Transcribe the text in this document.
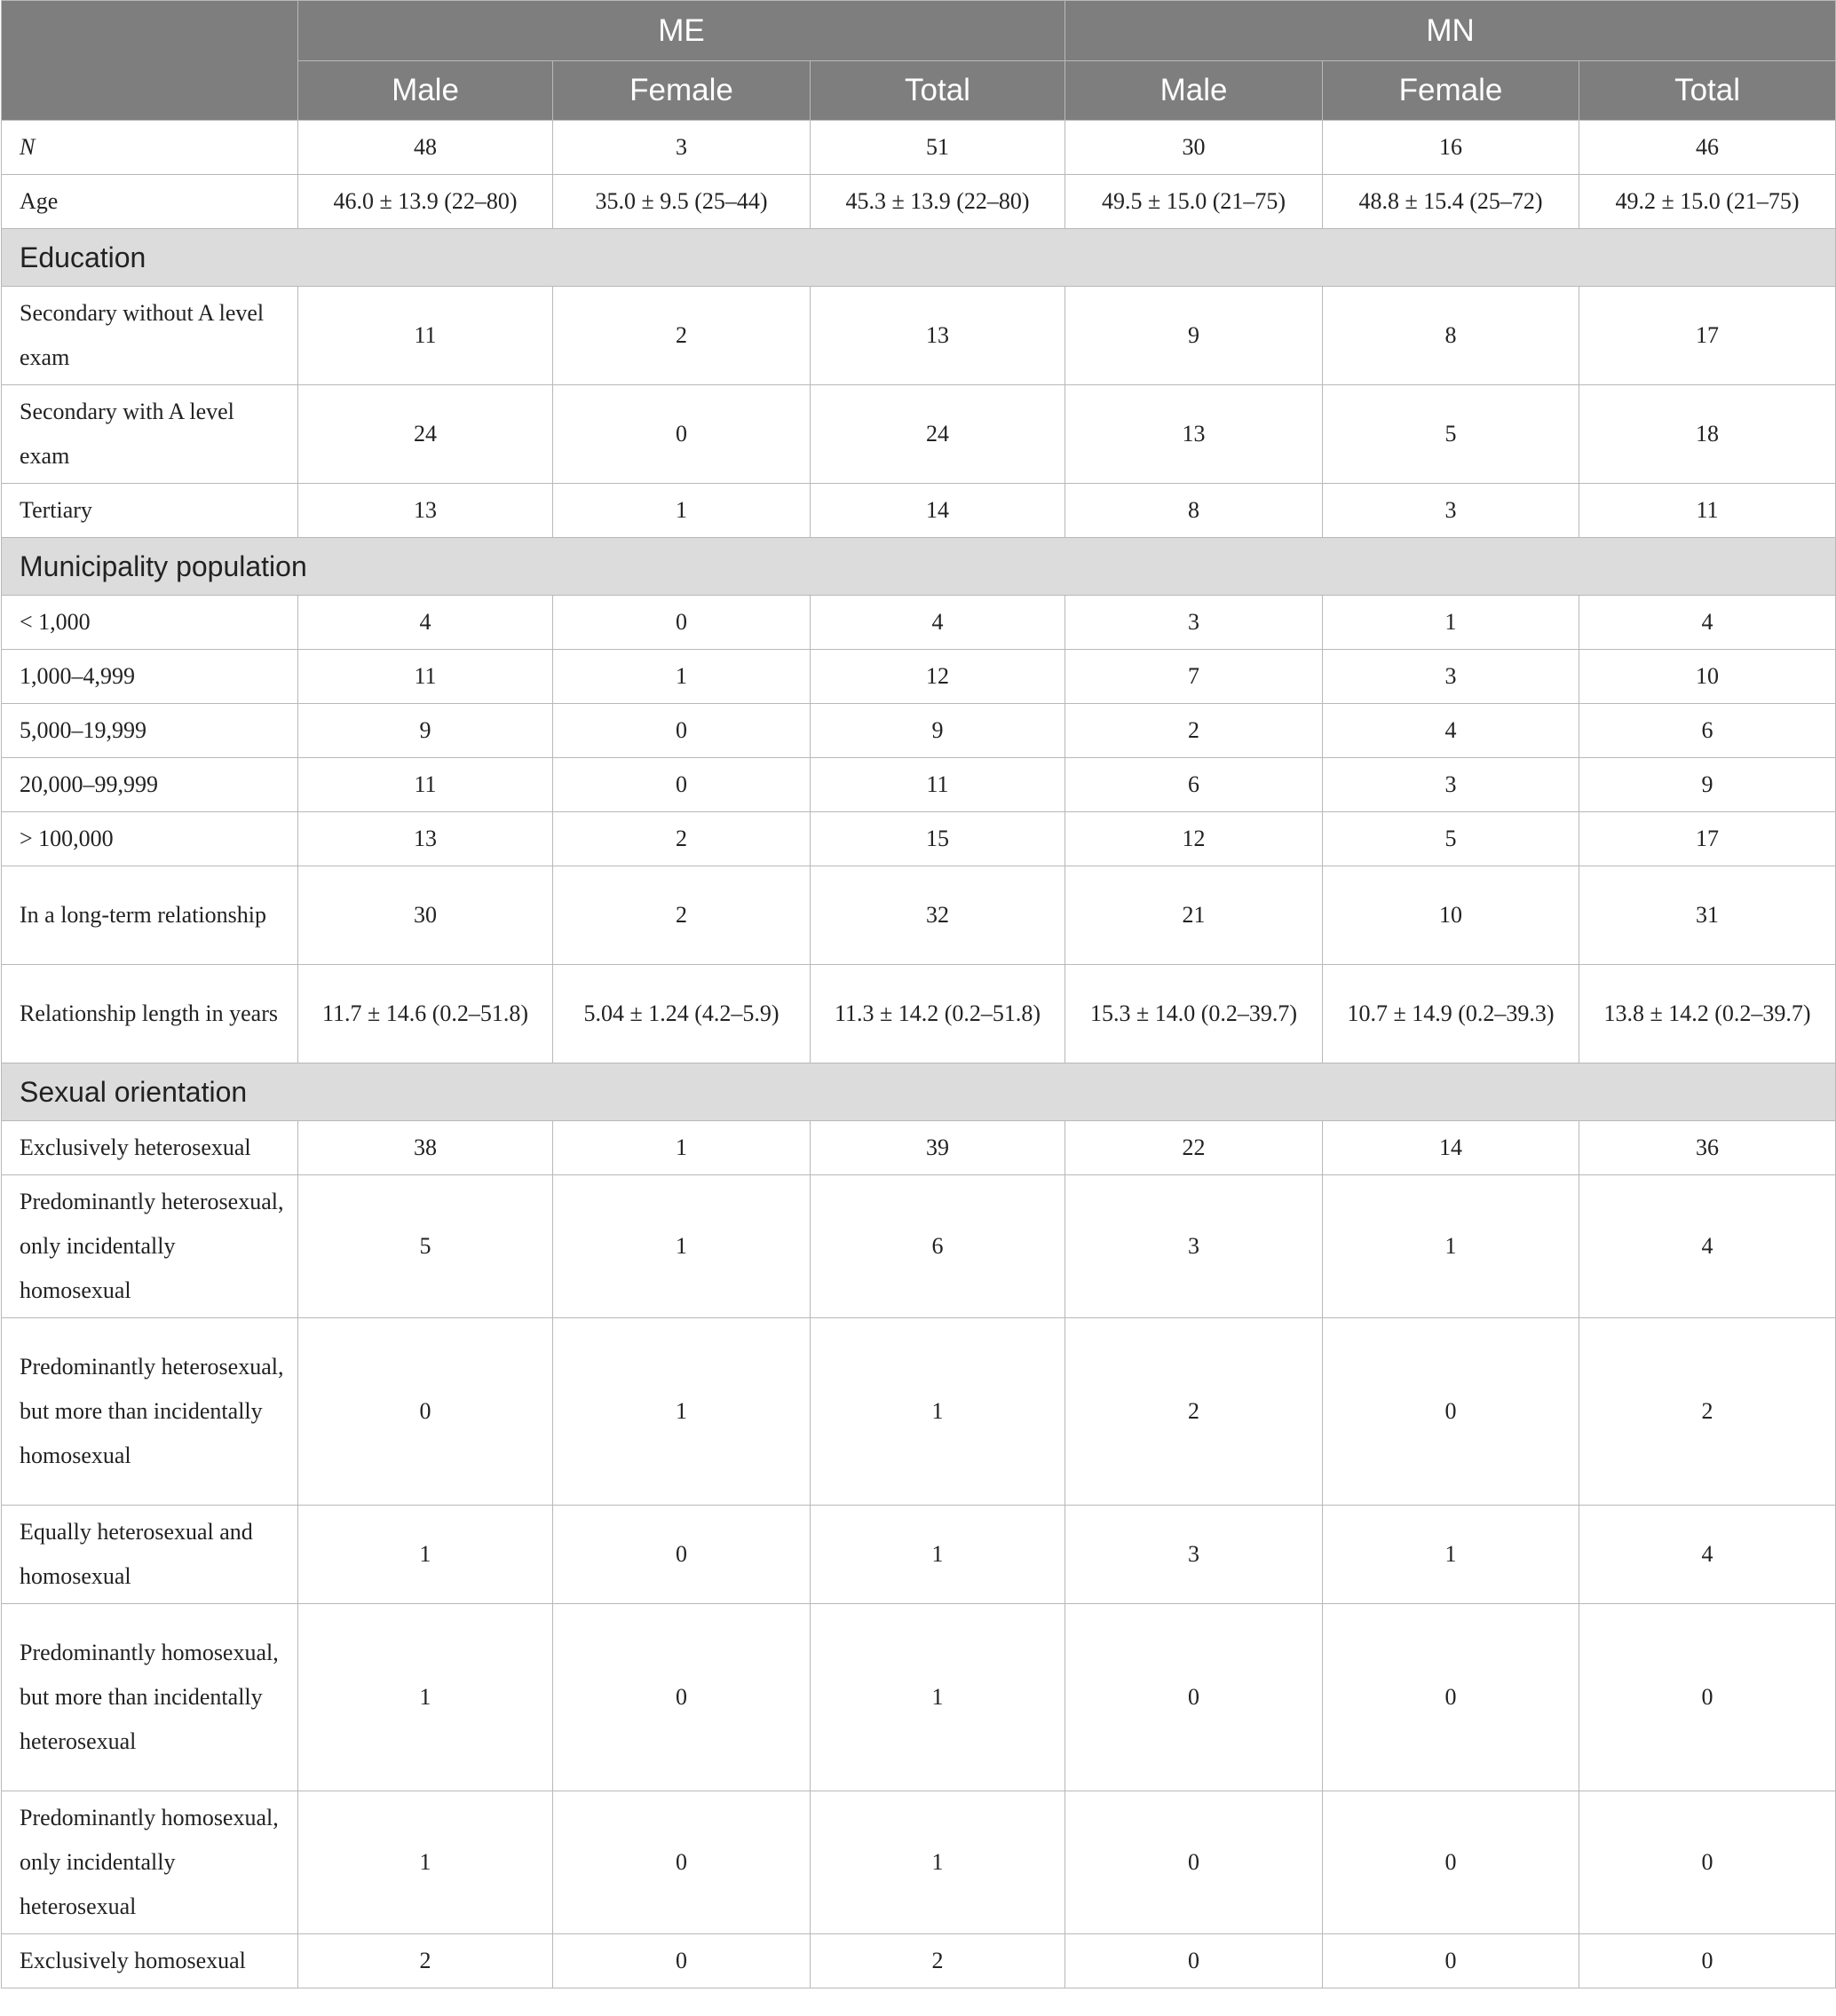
	ME			MN		
	Male	Female	Total	Male	Female	Total
N	48	3	51	30	16	46
Age	46.0 ± 13.9 (22–80)	35.0 ± 9.5 (25–44)	45.3 ± 13.9 (22–80)	49.5 ± 15.0 (21–75)	48.8 ± 15.4 (25–72)	49.2 ± 15.0 (21–75)
Education						
Secondary without A level exam	11	2	13	9	8	17
Secondary with A level exam	24	0	24	13	5	18
Tertiary	13	1	14	8	3	11
Municipality population						
< 1,000	4	0	4	3	1	4
1,000–4,999	11	1	12	7	3	10
5,000–19,999	9	0	9	2	4	6
20,000–99,999	11	0	11	6	3	9
> 100,000	13	2	15	12	5	17
In a long-term relationship	30	2	32	21	10	31
Relationship length in years	11.7 ± 14.6 (0.2–51.8)	5.04 ± 1.24 (4.2–5.9)	11.3 ± 14.2 (0.2–51.8)	15.3 ± 14.0 (0.2–39.7)	10.7 ± 14.9 (0.2–39.3)	13.8 ± 14.2 (0.2–39.7)
Sexual orientation						
Exclusively heterosexual	38	1	39	22	14	36
Predominantly heterosexual, only incidentally homosexual	5	1	6	3	1	4
Predominantly heterosexual, but more than incidentally homosexual	0	1	1	2	0	2
Equally heterosexual and homosexual	1	0	1	3	1	4
Predominantly homosexual, but more than incidentally heterosexual	1	0	1	0	0	0
Predominantly homosexual, only incidentally heterosexual	1	0	1	0	0	0
Exclusively homosexual	2	0	2	0	0	0
